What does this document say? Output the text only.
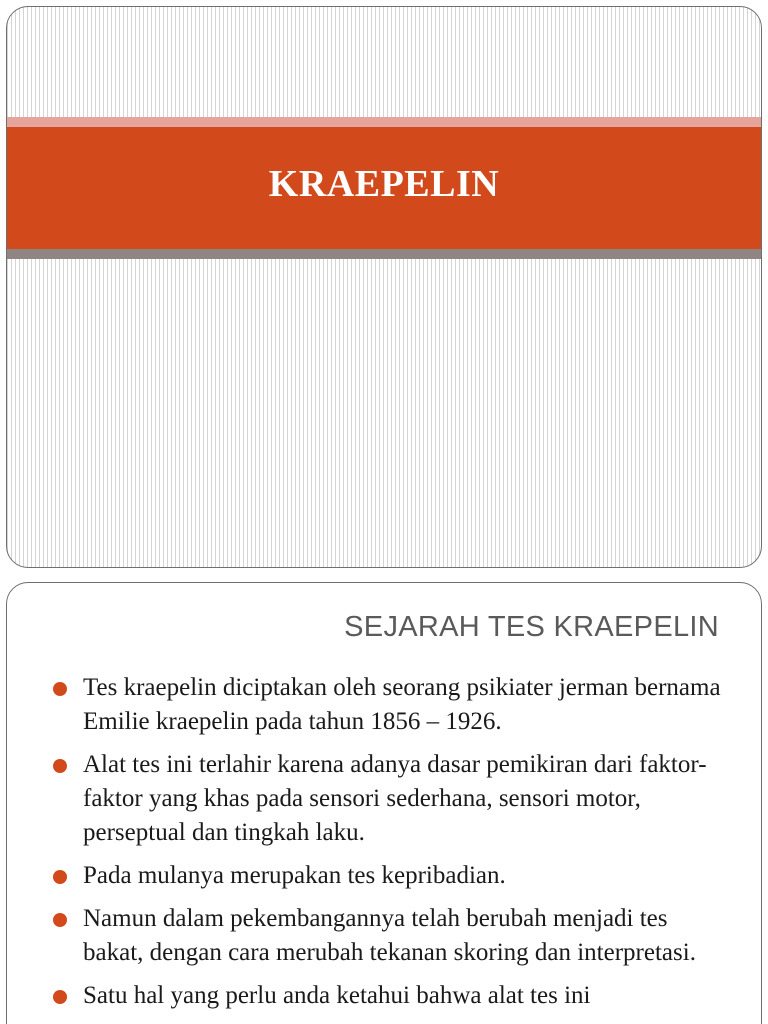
KRAEPELIN
SEJARAH TES KRAEPELIN
Tes kraepelin diciptakan oleh seorang psikiater jerman bernama Emilie kraepelin pada tahun 1856 – 1926.
Alat tes ini terlahir karena adanya dasar pemikiran dari faktor-faktor yang khas pada sensori sederhana, sensori motor, perseptual dan tingkah laku.
Pada mulanya merupakan tes kepribadian.
Namun dalam pekembangannya telah berubah menjadi tes bakat, dengan cara merubah tekanan skoring dan interpretasi.
Satu hal yang perlu anda ketahui bahwa alat tes ini
